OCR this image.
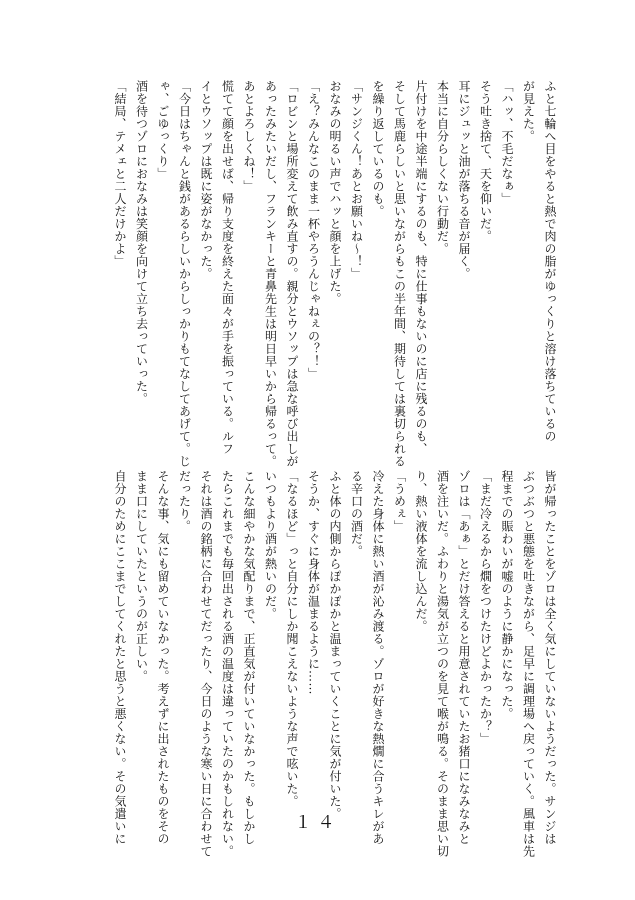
ふと七輪へ目をやると熱で肉の脂がゆっくりと溶け落ちているの

が見えた。

「ハッ、不毛だなぁ」

そう吐き捨て、天を仰いだ。

耳にジュッと油が落ちる音が届く。

本当に自分らしくない行動だ。

片付けを中途半端にするのも、特に仕事もないのに店に残るのも、

そして馬鹿らしいと思いながらもこの半年間、期待しては裏切られる

を繰り返しているのも。

「サンジくん！あとお願いね～！」

おなみの明るい声でハッと顔を上げた。

「え？みんなこのまま一杯やろうんじゃねぇの？！」

「ロビンと場所変えて飲み直すの。親分とウソップは急な呼び出しが

あったみたいだし、フランキーと青鼻先生は明日早いから帰るって。

あとよろしくね！」

慌てて顔を出せば、帰り支度を終えた面々が手を振っている。ルフ

イとウソップは既に姿がなかった。

「今日はちゃんと銭があるらしいからしっかりもてなしてあげて。じ

ゃ、ごゆっくり」

酒を待つゾロにおなみは笑顔を向けて立ち去っていった。

「結局、テメェと二人だけかよ」

皆が帰ったことをゾロは全く気にしていないようだった。サンジは

ぶつぶつと悪態を吐きながら、足早に調理場へ戻っていく。風車は先

程までの賑わいが嘘のように静かになった。

「まだ冷えるから燗をつけたけどよかったか？」

ゾロは「あぁ」とだけ答えると用意されていたお猪口になみなみと

酒を注いだ。ふわりと湯気が立つのを見て喉が鳴る。そのまま思い切

り、熱い液体を流し込んだ。

「うめぇ」

冷えた身体に熱い酒が沁み渡る。ゾロが好きな熱燗に合うキレがあ

る辛口の酒だ。

ふと体の内側からぽかぽかと温まっていくことに気が付いた。

そうか、すぐに身体が温まるように……

「なるほど」っと自分にしか聞こえないような声で呟いた。

いつもより酒が熱いのだ。

こんな細やかな気配りまで、正直気が付いていなかった。もしかし

たらこれまでも毎回出される酒の温度は違っていたのかもしれない。

それは酒の銘柄に合わせてだったり、今日のような寒い日に合わせて

だったり。

そんな事、気にも留めていなかった。考えずに出されたものをその

まま口にしていたというのが正しい。

自分のためにここまでしてくれたと思うと悪くない。その気遣いに	１４
